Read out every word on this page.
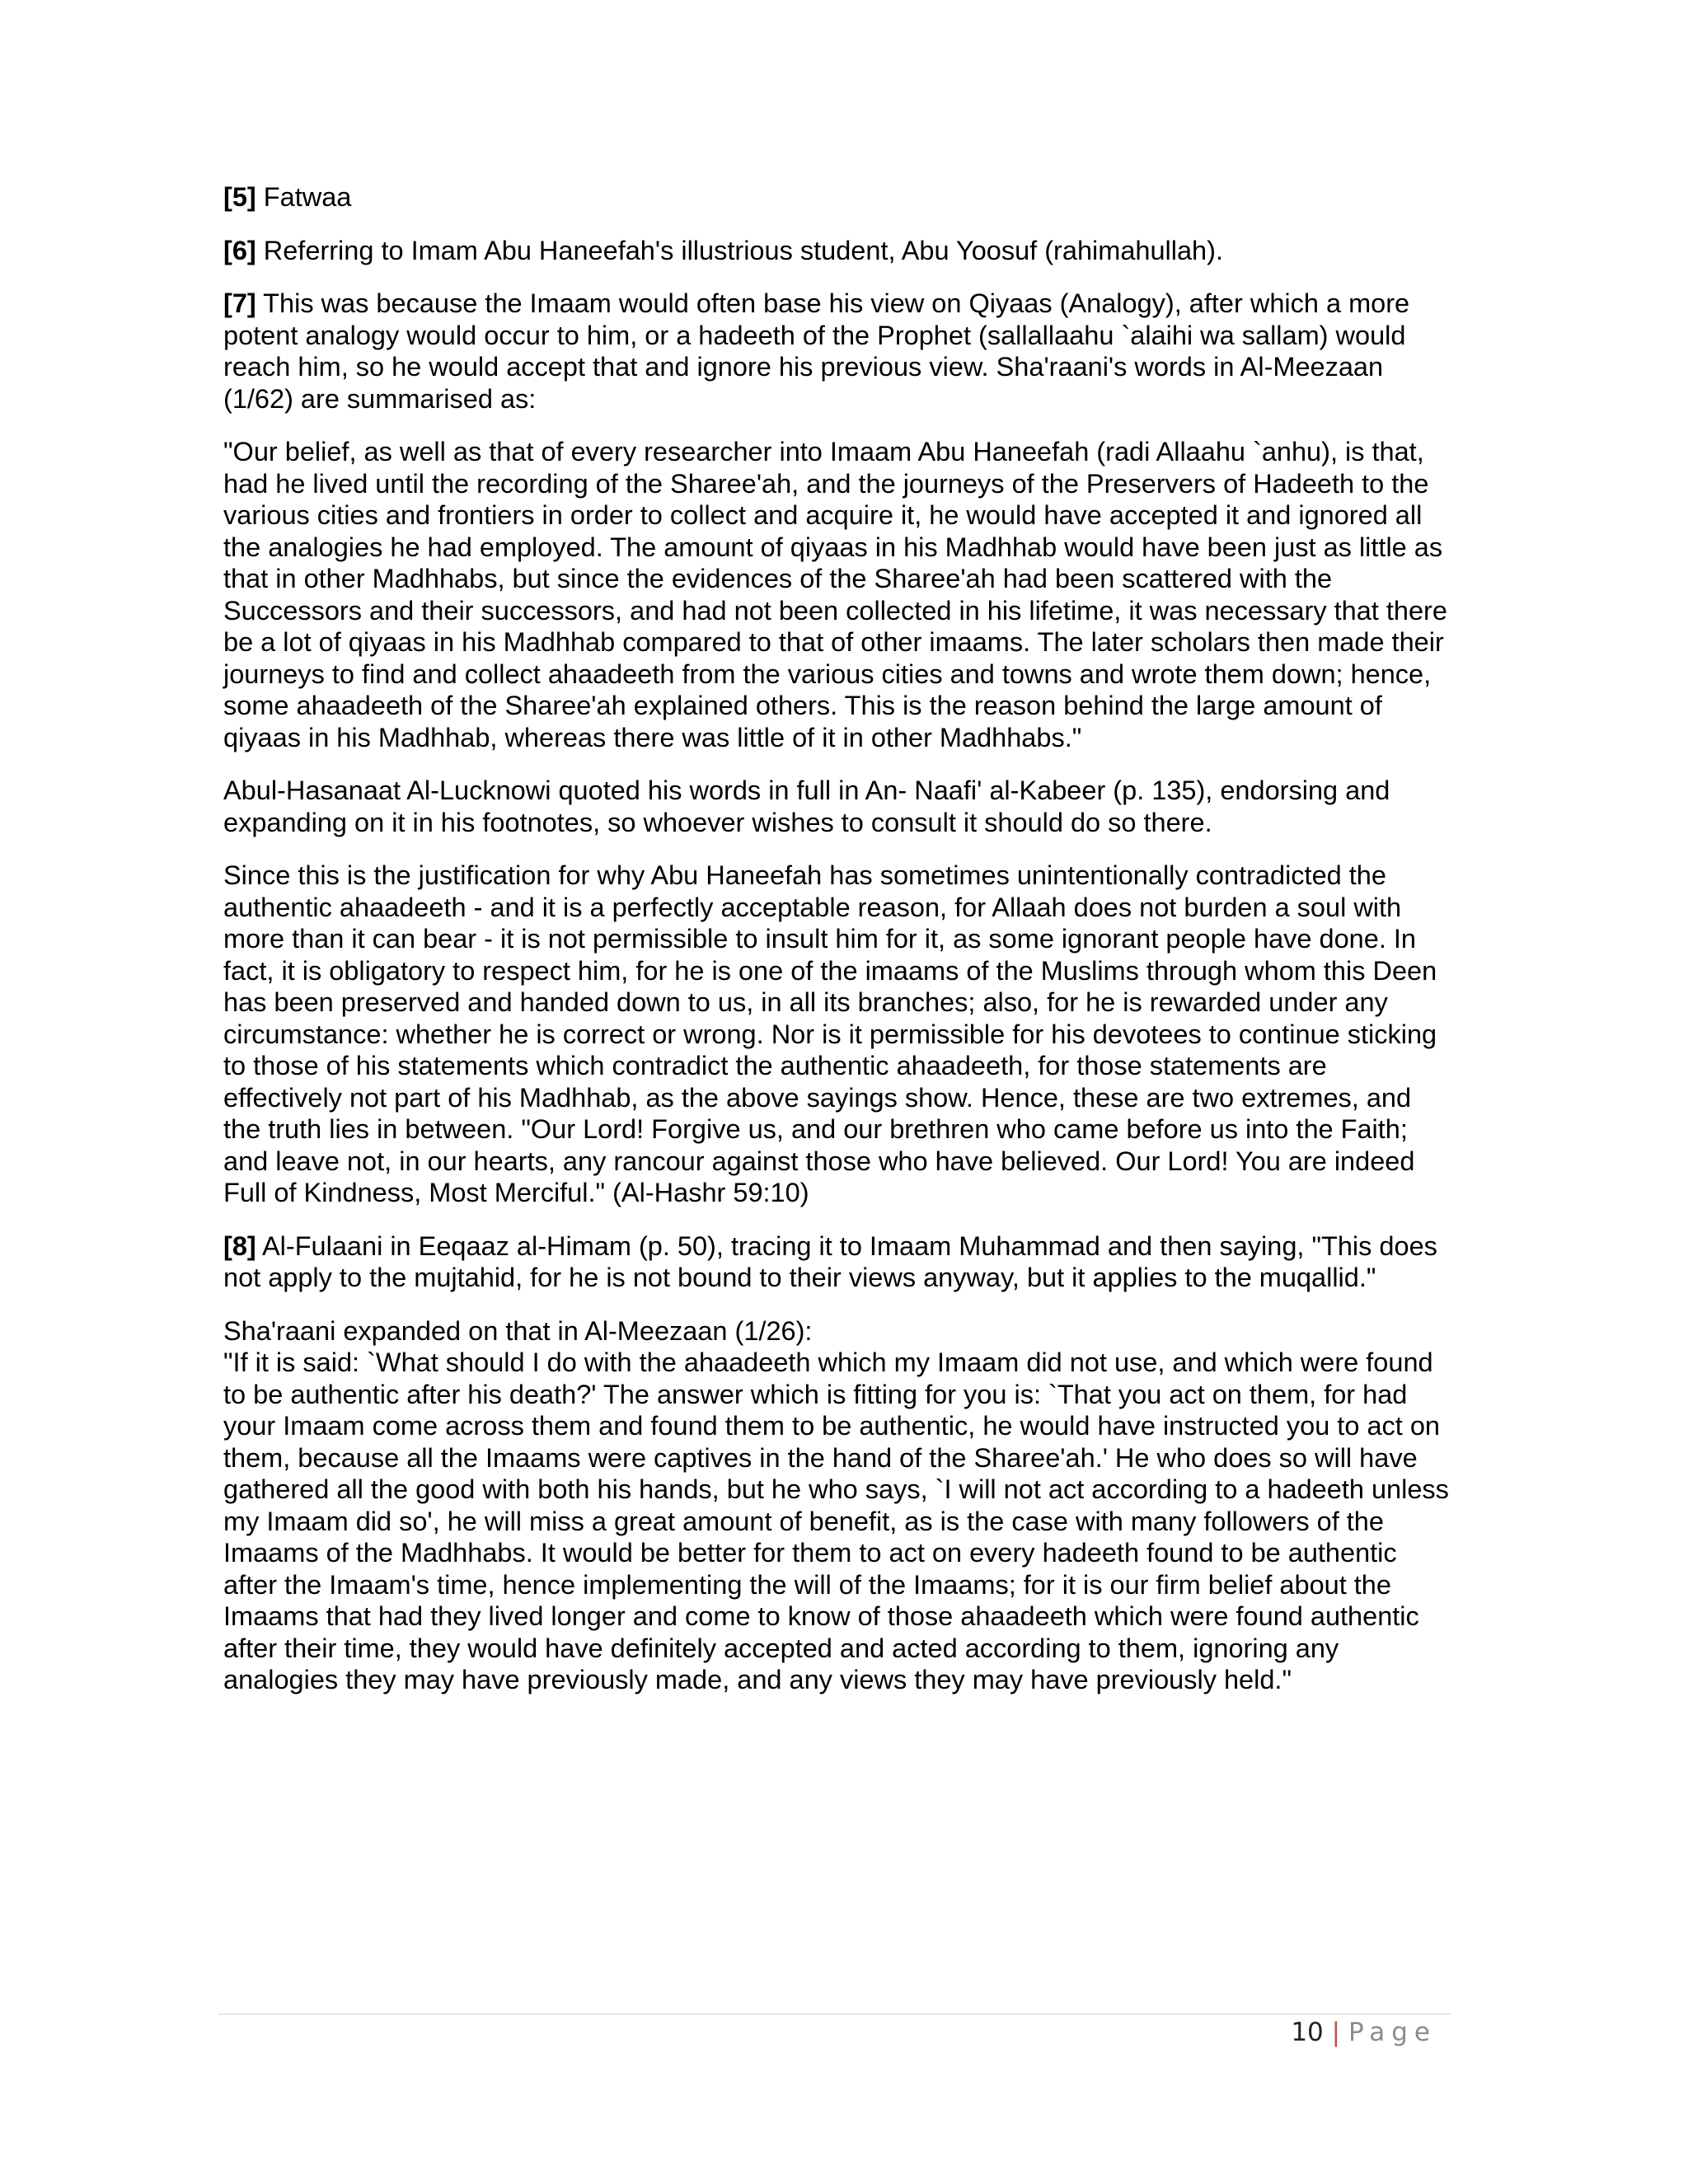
[5] Fatwaa

[6] Referring to Imam Abu Haneefah's illustrious student, Abu Yoosuf (rahimahullah).

[7] This was because the Imaam would often base his view on Qiyaas (Analogy), after which a more potent analogy would occur to him, or a hadeeth of the Prophet (sallallaahu `alaihi wa sallam) would reach him, so he would accept that and ignore his previous view. Sha'raani's words in Al-Meezaan (1/62) are summarised as:

"Our belief, as well as that of every researcher into Imaam Abu Haneefah (radi Allaahu `anhu), is that, had he lived until the recording of the Sharee'ah, and the journeys of the Preservers of Hadeeth to the various cities and frontiers in order to collect and acquire it, he would have accepted it and ignored all the analogies he had employed. The amount of qiyaas in his Madhhab would have been just as little as that in other Madhhabs, but since the evidences of the Sharee'ah had been scattered with the Successors and their successors, and had not been collected in his lifetime, it was necessary that there be a lot of qiyaas in his Madhhab compared to that of other imaams. The later scholars then made their journeys to find and collect ahaadeeth from the various cities and towns and wrote them down; hence, some ahaadeeth of the Sharee'ah explained others. This is the reason behind the large amount of qiyaas in his Madhhab, whereas there was little of it in other Madhhabs."

Abul-Hasanaat Al-Lucknowi quoted his words in full in An- Naafi' al-Kabeer (p. 135), endorsing and expanding on it in his footnotes, so whoever wishes to consult it should do so there.

Since this is the justification for why Abu Haneefah has sometimes unintentionally contradicted the authentic ahaadeeth - and it is a perfectly acceptable reason, for Allaah does not burden a soul with more than it can bear - it is not permissible to insult him for it, as some ignorant people have done. In fact, it is obligatory to respect him, for he is one of the imaams of the Muslims through whom this Deen has been preserved and handed down to us, in all its branches; also, for he is rewarded under any circumstance: whether he is correct or wrong. Nor is it permissible for his devotees to continue sticking to those of his statements which contradict the authentic ahaadeeth, for those statements are effectively not part of his Madhhab, as the above sayings show. Hence, these are two extremes, and the truth lies in between. "Our Lord! Forgive us, and our brethren who came before us into the Faith; and leave not, in our hearts, any rancour against those who have believed. Our Lord! You are indeed Full of Kindness, Most Merciful." (Al-Hashr 59:10)

[8] Al-Fulaani in Eeqaaz al-Himam (p. 50), tracing it to Imaam Muhammad and then saying, "This does not apply to the mujtahid, for he is not bound to their views anyway, but it applies to the muqallid."

Sha'raani expanded on that in Al-Meezaan (1/26):

"If it is said: `What should I do with the ahaadeeth which my Imaam did not use, and which were found to be authentic after his death?' The answer which is fitting for you is: `That you act on them, for had your Imaam come across them and found them to be authentic, he would have instructed you to act on them, because all the Imaams were captives in the hand of the Sharee'ah.' He who does so will have gathered all the good with both his hands, but he who says, `I will not act according to a hadeeth unless my Imaam did so', he will miss a great amount of benefit, as is the case with many followers of the Imaams of the Madhhabs. It would be better for them to act on every hadeeth found to be authentic after the Imaam's time, hence implementing the will of the Imaams; for it is our firm belief about the Imaams that had they lived longer and come to know of those ahaadeeth which were found authentic after their time, they would have definitely accepted and acted according to them, ignoring any analogies they may have previously made, and any views they may have previously held."

10 | Page
